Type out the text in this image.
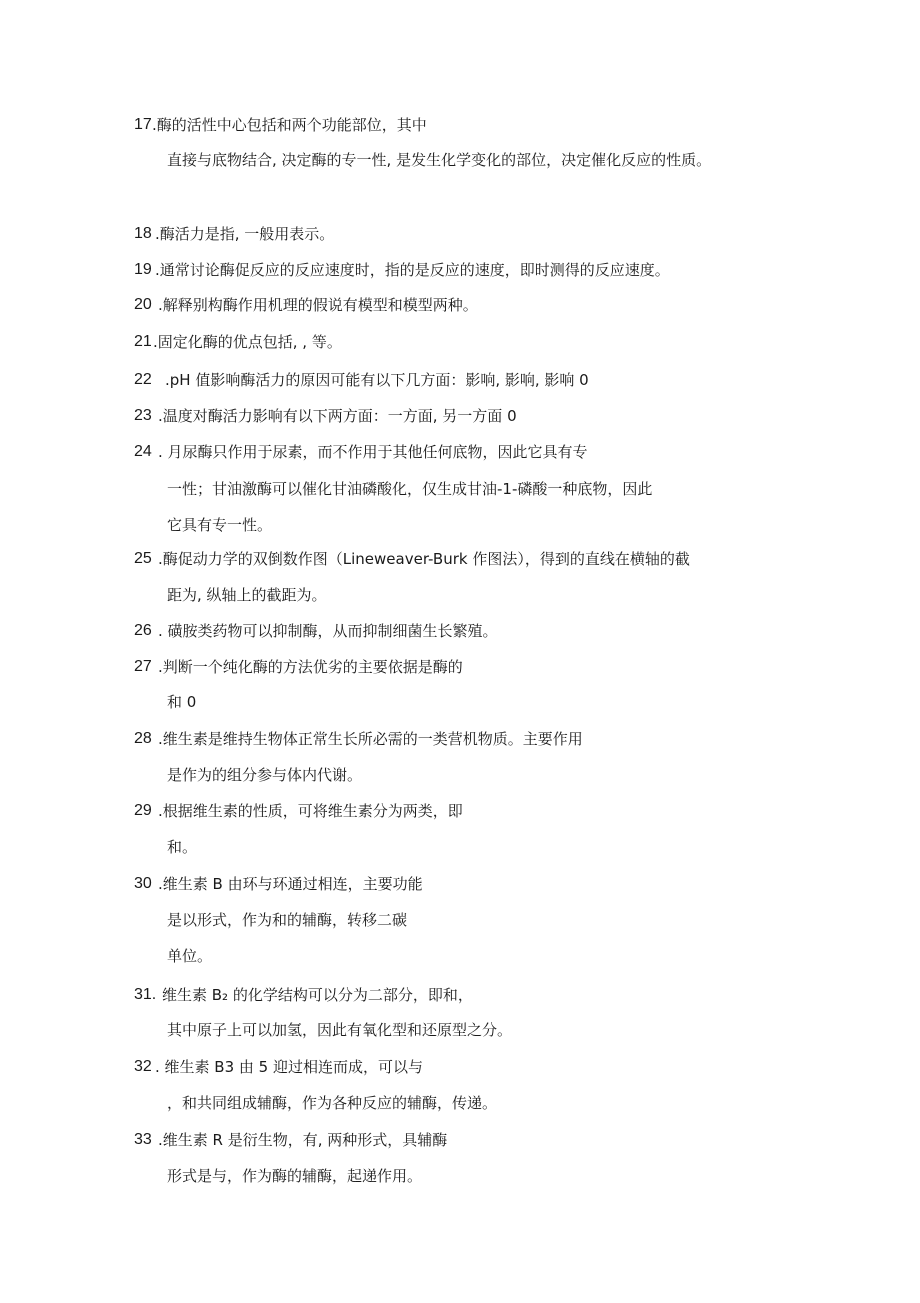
17 .酶的活性中心包括和两个功能部位，其中
直接与底物结合, 决定酶的专一性, 是发生化学变化的部位，决定催化反应的性质。
18 .酶活力是指, 一般用表示。
19 .通常讨论酶促反应的反应速度时，指的是反应的速度，即时测得的反应速度。
20 .解释别构酶作用机理的假说有模型和模型两种。
21 .固定化酶的优点包括, , 等。
22 .pH 值影响酶活力的原因可能有以下几方面：影响, 影响, 影响 0
23 .温度对酶活力影响有以下两方面：一方面, 另一方面 0
24 . 月尿酶只作用于尿素，而不作用于其他任何底物，因此它具有专
一性；甘油激酶可以催化甘油磷酸化，仅生成甘油-1-磷酸一种底物，因此
它具有专一性。
25 .酶促动力学的双倒数作图（Lineweaver-Burk 作图法），得到的直线在横轴的截
距为, 纵轴上的截距为。
26 . 磺胺类药物可以抑制酶，从而抑制细菌生长繁殖。
27 .判断一个纯化酶的方法优劣的主要依据是酶的
和 0
28 .维生素是维持生物体正常生长所必需的一类营机物质。主要作用
是作为的组分参与体内代谢。
29 .根据维生素的性质，可将维生素分为两类，即
和。
30 .维生素 B 由环与环通过相连，主要功能
是以形式，作为和的辅酶，转移二碳
单位。
31. 维生素 B₂ 的化学结构可以分为二部分，即和，
其中原子上可以加氢，因此有氧化型和还原型之分。
32 . 维生素 B3 由 5 迎过相连而成，可以与
，和共同组成辅酶，作为各种反应的辅酶，传递。
33 .维生素 R 是衍生物，有, 两种形式，具辅酶
形式是与，作为酶的辅酶，起递作用。
